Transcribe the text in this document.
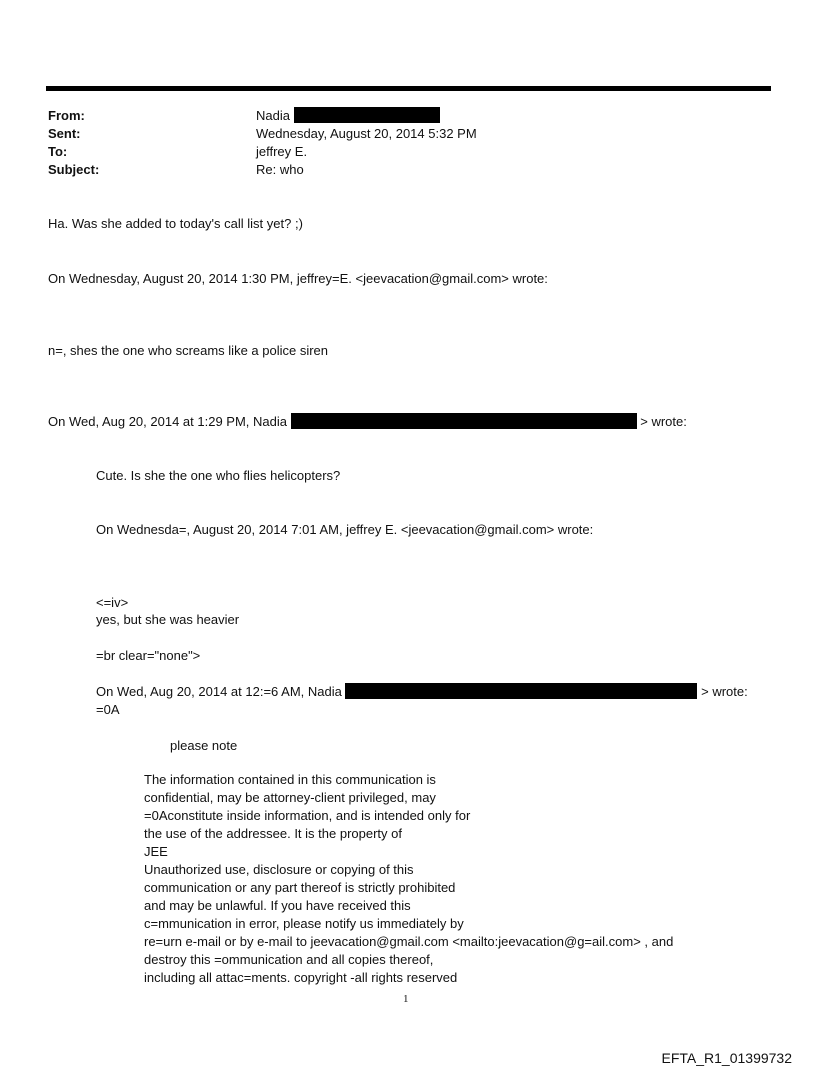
From:	Nadia
Sent:	Wednesday, August 20, 2014 5:32 PM
To:	jeffrey E.
Subject:	Re: who
Ha. Was she added to today's call list yet? ;)
On Wednesday, August 20, 2014 1:30 PM, jeffrey=E. <jeevacation@gmail.com> wrote:
n=, shes the one who screams like a police siren
On Wed, Aug 20, 2014 at 1:29 PM, Nadia	> wrote:
Cute. Is she the one who flies helicopters?
On Wednesda=, August 20, 2014 7:01 AM, jeffrey E. <jeevacation@gmail.com> wrote:
<=iv>
yes, but she was heavier
=br clear="none">
On Wed, Aug 20, 2014 at 12:=6 AM, Nadia	> wrote:
=0A
please note
The information contained in this communication is
confidential, may be attorney-client privileged, may
=0Aconstitute inside information, and is intended only for
the use of the addressee. It is the property of
JEE
Unauthorized use, disclosure or copying of this
communication or any part thereof is strictly prohibited
and may be unlawful. If you have received this
c=mmunication in error, please notify us immediately by
re=urn e-mail or by e-mail to jeevacation@gmail.com <mailto:jeevacation@g=ail.com> , and
destroy this =ommunication and all copies thereof,
including all attac=ments. copyright -all rights reserved
1
EFTA_R1_01399732
